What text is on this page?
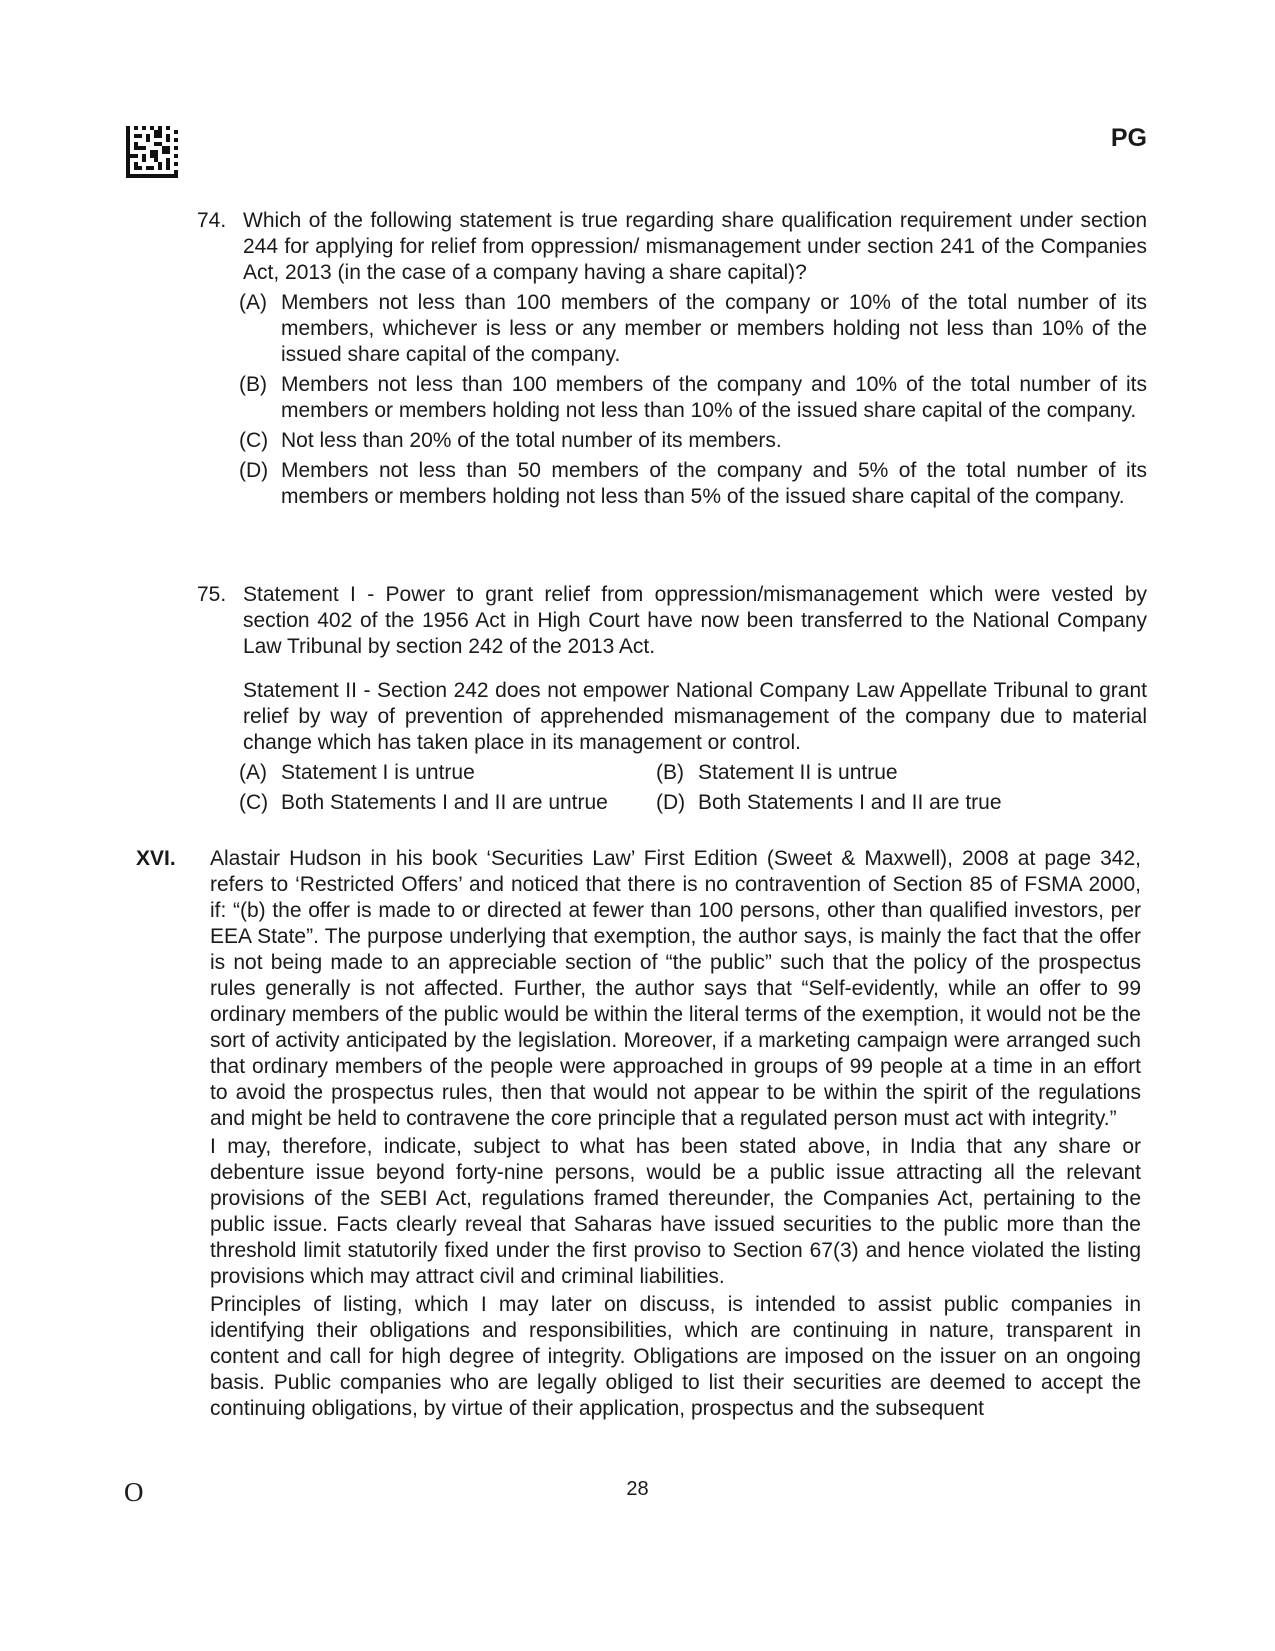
PG
74. Which of the following statement is true regarding share qualification requirement under section 244 for applying for relief from oppression/ mismanagement under section 241 of the Companies Act, 2013 (in the case of a company having a share capital)?
(A) Members not less than 100 members of the company or 10% of the total number of its members, whichever is less or any member or members holding not less than 10% of the issued share capital of the company.
(B) Members not less than 100 members of the company and 10% of the total number of its members or members holding not less than 10% of the issued share capital of the company.
(C) Not less than 20% of the total number of its members.
(D) Members not less than 50 members of the company and 5% of the total number of its members or members holding not less than 5% of the issued share capital of the company.
75. Statement I - Power to grant relief from oppression/mismanagement which were vested by section 402 of the 1956 Act in High Court have now been transferred to the National Company Law Tribunal by section 242 of the 2013 Act.
Statement II - Section 242 does not empower National Company Law Appellate Tribunal to grant relief by way of prevention of apprehended mismanagement of the company due to material change which has taken place in its management or control.
(A) Statement I is untrue	(B) Statement II is untrue
(C) Both Statements I and II are untrue	(D) Both Statements I and II are true
XVI. Alastair Hudson in his book ‘Securities Law’ First Edition (Sweet & Maxwell), 2008 at page 342, refers to ‘Restricted Offers’ and noticed that there is no contravention of Section 85 of FSMA 2000, if: “(b) the offer is made to or directed at fewer than 100 persons, other than qualified investors, per EEA State”. The purpose underlying that exemption, the author says, is mainly the fact that the offer is not being made to an appreciable section of “the public” such that the policy of the prospectus rules generally is not affected. Further, the author says that “Self-evidently, while an offer to 99 ordinary members of the public would be within the literal terms of the exemption, it would not be the sort of activity anticipated by the legislation. Moreover, if a marketing campaign were arranged such that ordinary members of the people were approached in groups of 99 people at a time in an effort to avoid the prospectus rules, then that would not appear to be within the spirit of the regulations and might be held to contravene the core principle that a regulated person must act with integrity.”
I may, therefore, indicate, subject to what has been stated above, in India that any share or debenture issue beyond forty-nine persons, would be a public issue attracting all the relevant provisions of the SEBI Act, regulations framed thereunder, the Companies Act, pertaining to the public issue. Facts clearly reveal that Saharas have issued securities to the public more than the threshold limit statutorily fixed under the first proviso to Section 67(3) and hence violated the listing provisions which may attract civil and criminal liabilities.
Principles of listing, which I may later on discuss, is intended to assist public companies in identifying their obligations and responsibilities, which are continuing in nature, transparent in content and call for high degree of integrity. Obligations are imposed on the issuer on an ongoing basis. Public companies who are legally obliged to list their securities are deemed to accept the continuing obligations, by virtue of their application, prospectus and the subsequent
O	28
